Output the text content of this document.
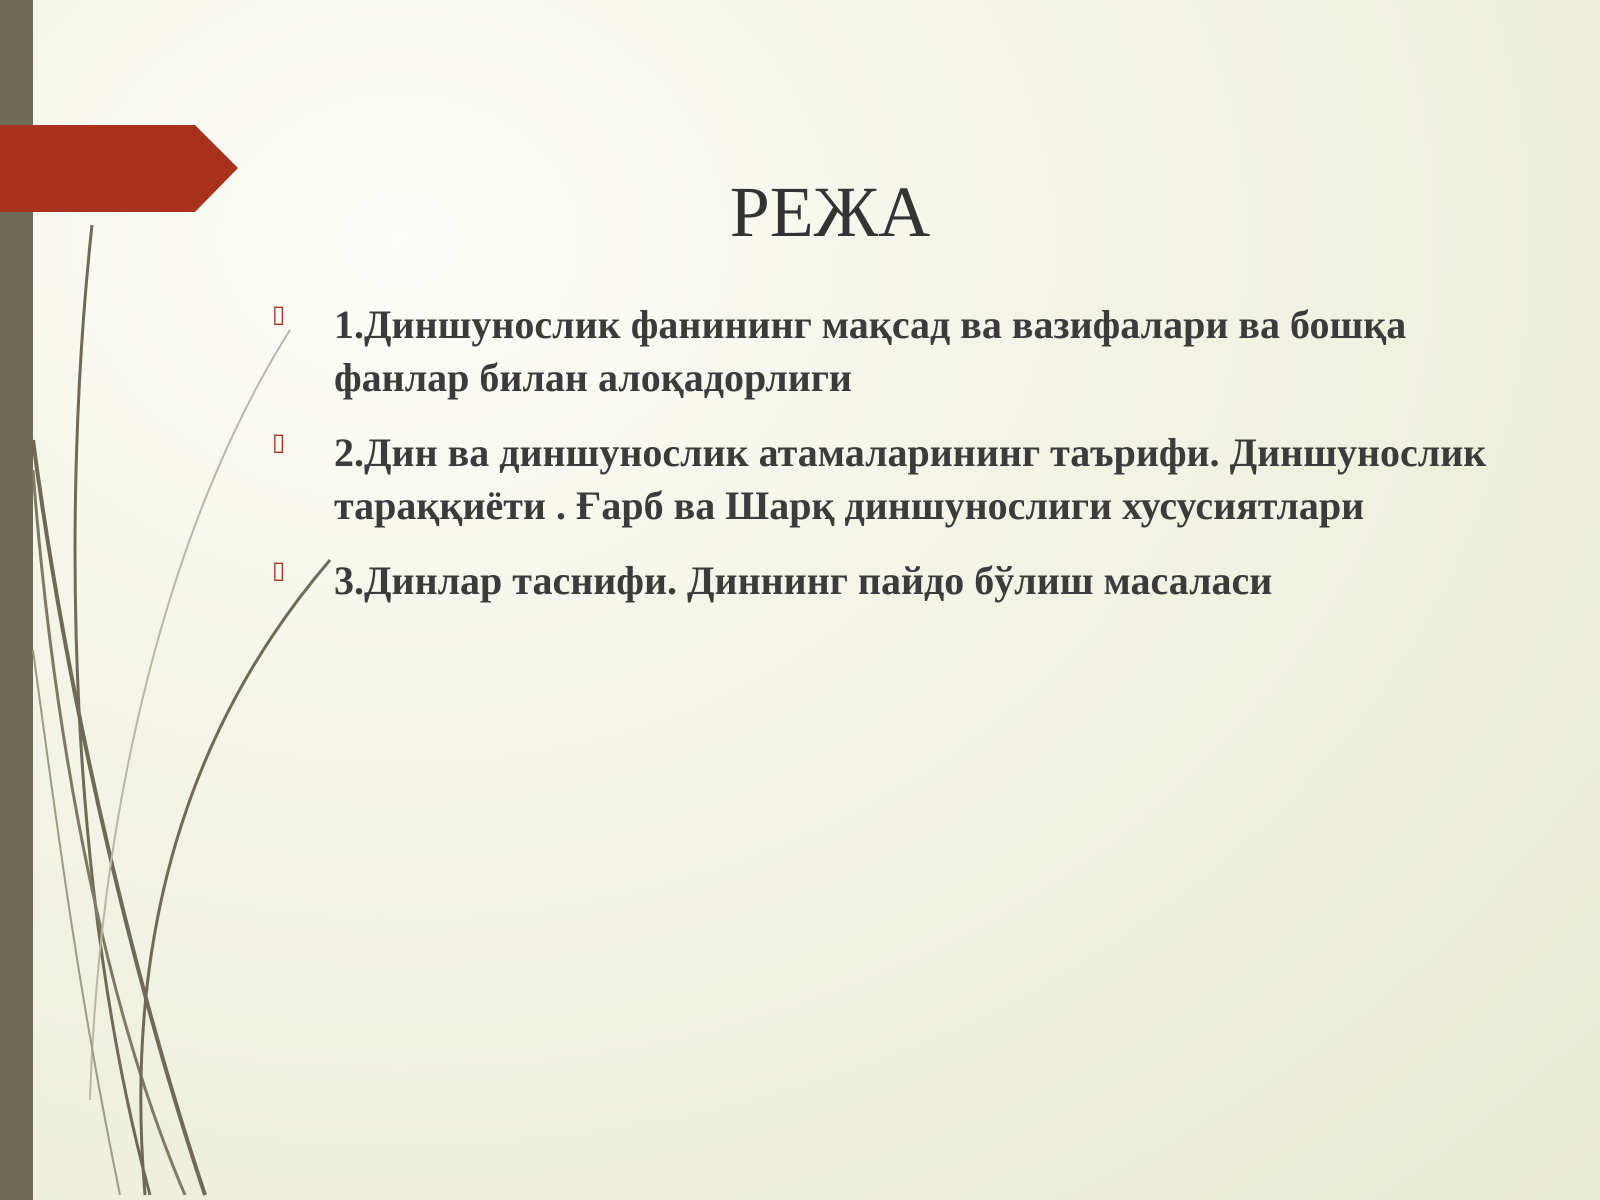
РЕЖА
▯ 1.Диншунослик фанининг мақсад ва вазифалари ва бошқа фанлар билан алоқадорлиги
▯ 2.Дин ва диншунослик атамаларининг таърифи. Диншунослик тараққиёти . Ғарб ва Шарқ диншунослиги хусусиятлари
▯ 3.Динлар таснифи. Диннинг пайдо бўлиш масаласи
